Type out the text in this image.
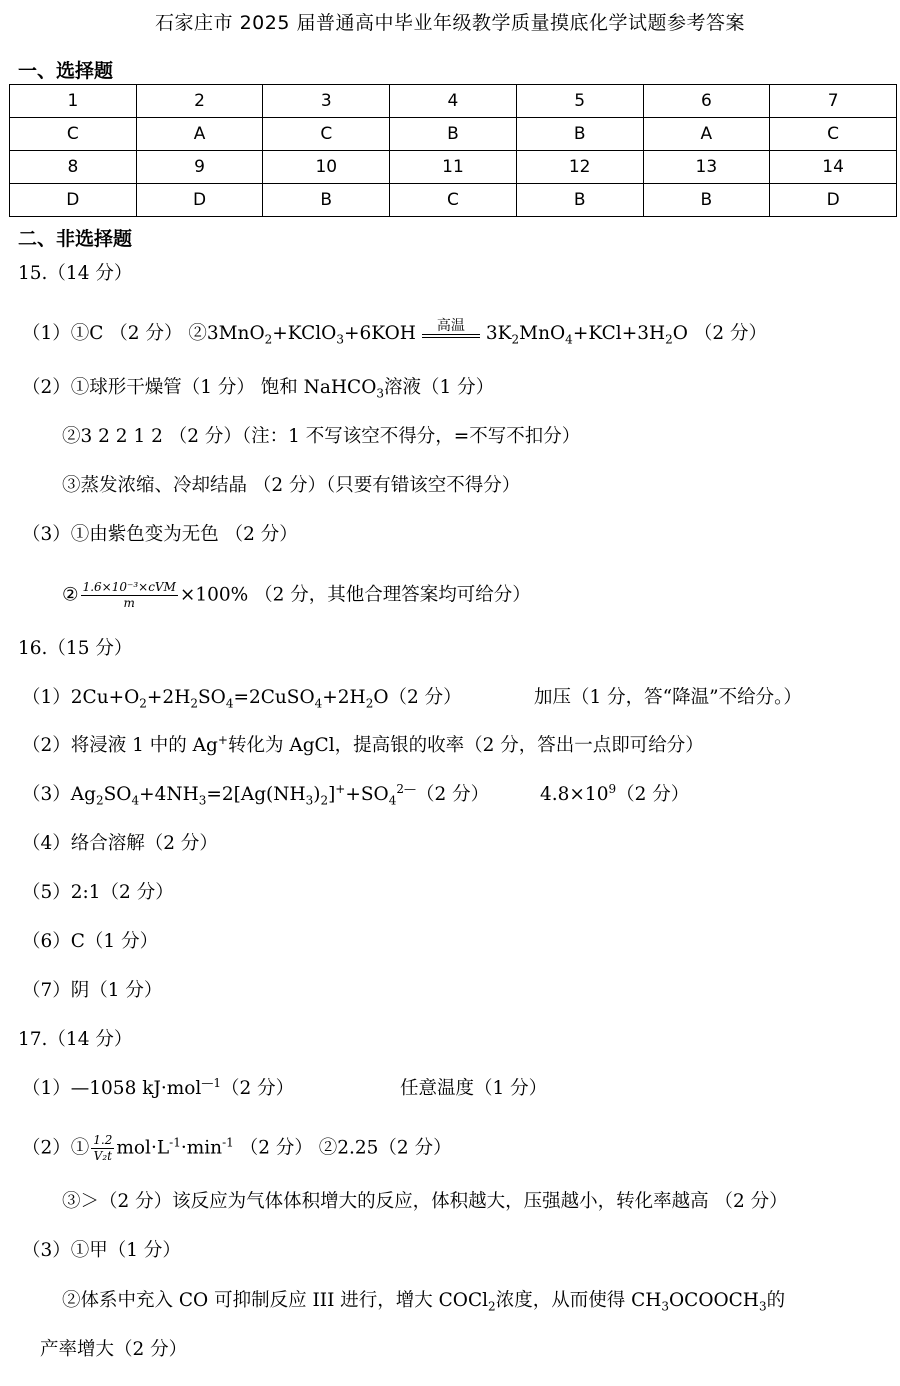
石家庄市 2025 届普通高中毕业年级教学质量摸底化学试题参考答案
一、选择题
1	2	3	4	5	6	7
C	A	C	B	B	A	C
8	9	10	11	12	13	14
D	D	B	C	B	B	D
二、非选择题
15.（14 分）
（1）①C （2 分） ②3MnO$_2$+KClO$_3$+6KOH 高温 $3K_2MnO_4+KCl+3H_2O$ （2 分）
（2）①球形干燥管（1 分） 饱和 NaHCO$_3$溶液（1 分）
②3 2 2 1 2 （2 分）（注：1 不写该空不得分，=不写不扣分）
③蒸发浓缩、冷却结晶 （2 分）（只要有错该空不得分）
（3）①由紫色变为无色 （2 分）
② $\frac{\text{1.6×10⁻³×cVM}}{m} \times 100\%$ （2 分，其他合理答案均可给分）
16.（15 分）
$(1)2Cu+O_2+2H_2SO_4=2CuSO_4+2H_2O(2$ 分）	加压（1 分，答“降温”不给分。）
（2）将浸液 1 中的 Ag+转化为 AgCl，提高银的收率（2 分，答出一点即可给分）
$(3)Ag_2SO_4+4NH_3=2[Ag(NH_3)_2]^++SO_4^{2—}(2$ 分）	$4.8\times 10^9(2$ 分）
（4）络合溶解（2 分）
（5）2:1（2 分）
（6）C（1 分）
（7）阴（1 分）
17.（14 分）
（1）—1058 kJ·mol$^{—1}$（2 分）	任意温度（1 分）
（2）① $\frac{1.2}{\text{V₂t}} mol\cdot L^{-1}\cdot\min^{-1}$ （2 分） ②2.25（2 分）
③＞（2 分）该反应为气体体积增大的反应，体积越大，压强越小，转化率越高 （2 分）
（3）①甲（1 分）
②体系中充入 CO 可抑制反应 III 进行，增大 COCl$_2$浓度，从而使得 $CH_3OCOOCH_3$的
产率增大（2 分）
